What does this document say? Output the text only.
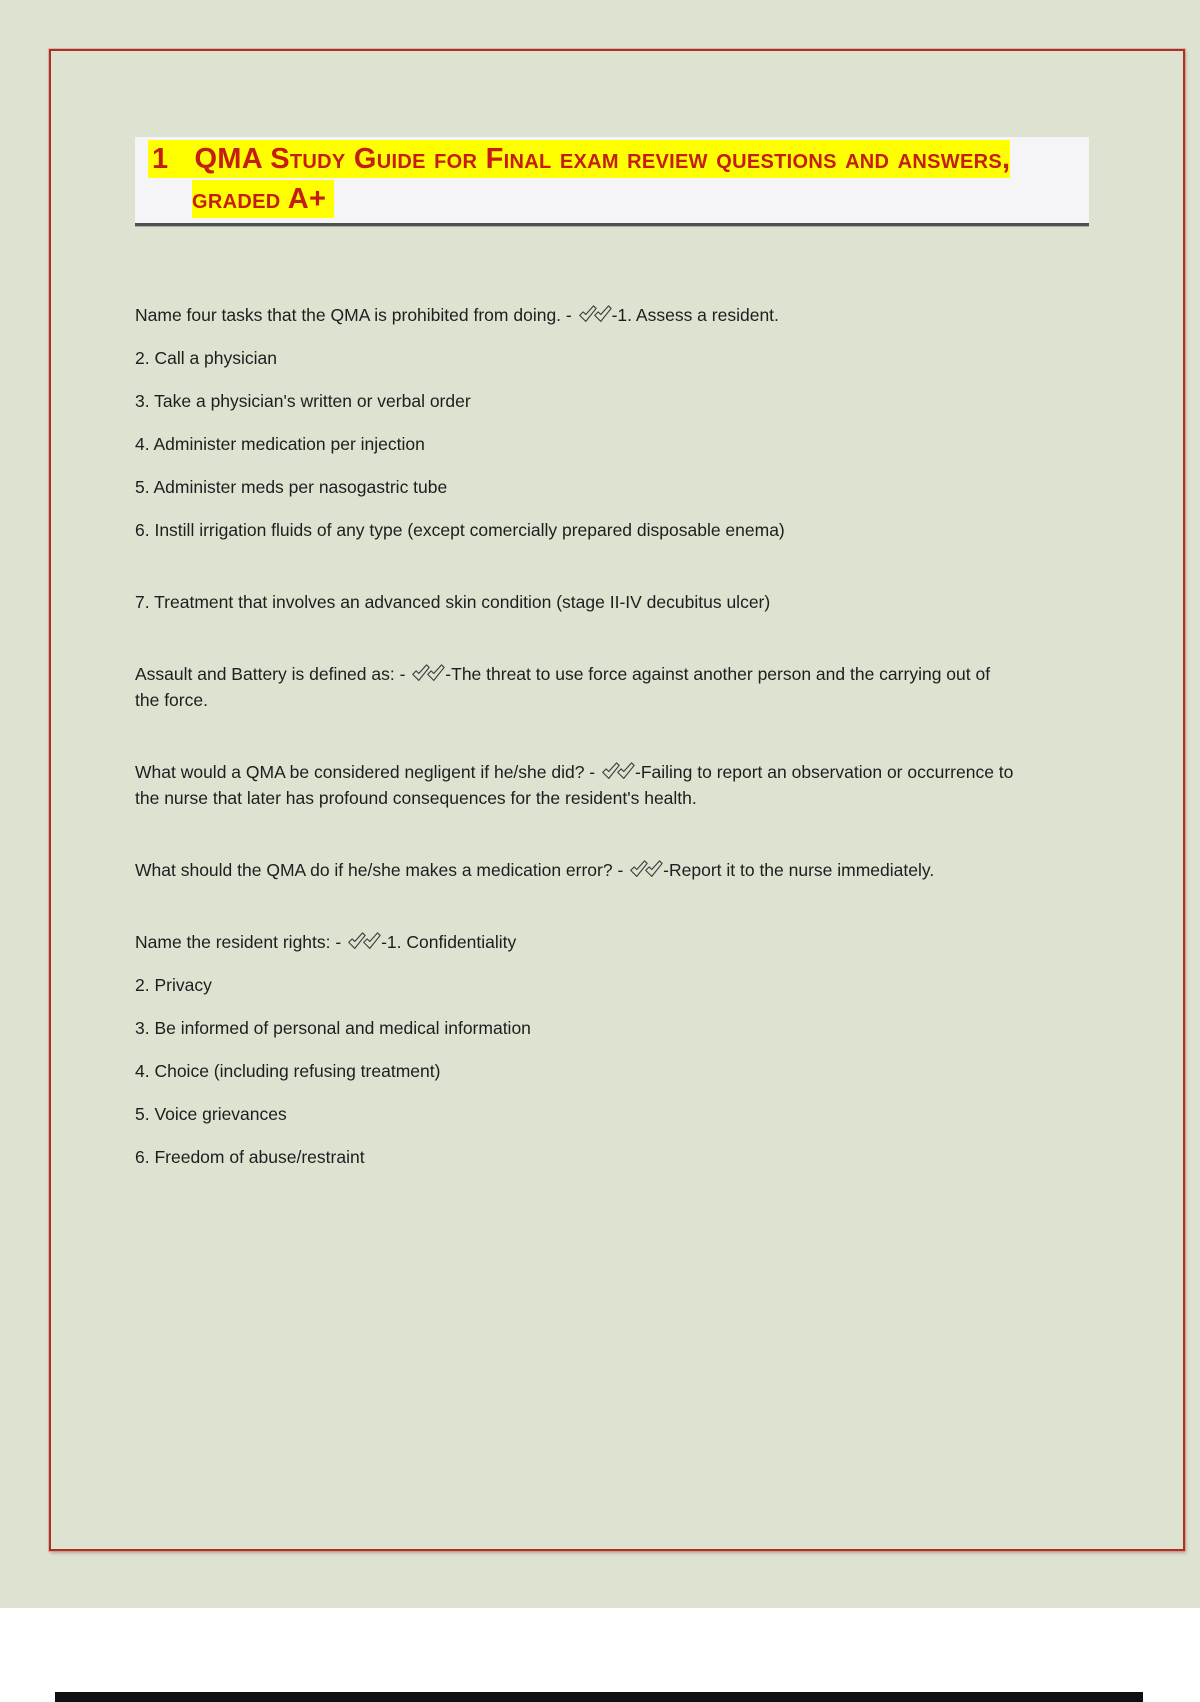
1 QMA Study Guide for Final exam review questions and answers, graded A+

Name four tasks that the QMA is prohibited from doing. - -1. Assess a resident.

2. Call a physician

3. Take a physician's written or verbal order

4. Administer medication per injection

5. Administer meds per nasogastric tube

6. Instill irrigation fluids of any type (except comercially prepared disposable enema)

7. Treatment that involves an advanced skin condition (stage II-IV decubitus ulcer)

Assault and Battery is defined as: - -The threat to use force against another person and the carrying out of the force.

What would a QMA be considered negligent if he/she did? - -Failing to report an observation or occurrence to the nurse that later has profound consequences for the resident's health.

What should the QMA do if he/she makes a medication error? - -Report it to the nurse immediately.

Name the resident rights: - -1. Confidentiality

2. Privacy

3. Be informed of personal and medical information

4. Choice (including refusing treatment)

5. Voice grievances

6. Freedom of abuse/restraint
